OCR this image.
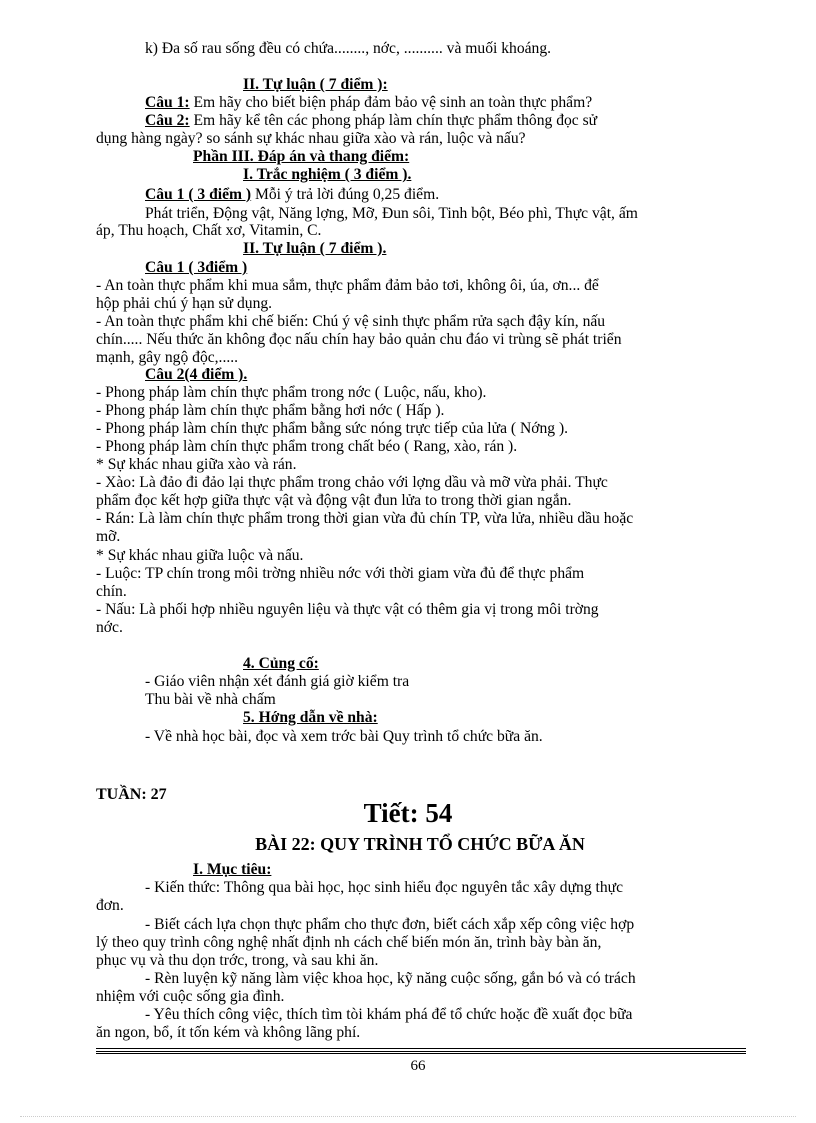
k) Đa số rau sống đều có chứa........, nớc, .......... và muối khoáng.
II. Tự luận ( 7 điểm ):
Câu 1: Em hãy cho biết biện pháp đảm bảo vệ sinh an toàn thực phẩm?
Câu 2: Em hãy kể tên các phong pháp làm chín thực phẩm thông đọc sử
dụng hàng ngày? so sánh sự khác nhau giữa xào và rán, luộc và nấu?
Phần III. Đáp án và thang điểm:
I. Trắc nghiệm ( 3 điểm ).
Câu 1 ( 3 điểm ) Mỗi ý trả lời đúng 0,25 điểm.
Phát triển, Động vật, Năng lợng, Mỡ, Đun sôi, Tinh bột, Béo phì, Thực vật, ấm
áp, Thu hoạch, Chất xơ, Vitamin, C.
II. Tự luận ( 7 điểm ).
Câu 1 ( 3điểm )
- An toàn thực phẩm khi mua sắm, thực phẩm đảm bảo tơi, không ôi, úa, ơn... để
hộp phải chú ý hạn sử dụng.
- An toàn thực phẩm khi chế biến: Chú ý vệ sinh thực phẩm rửa sạch đậy kín, nấu
chín..... Nếu thức ăn không đọc nấu chín hay bảo quản chu đáo vi trùng sẽ phát triển
mạnh, gây ngộ độc,.....
Câu 2(4 điểm ).
- Phong pháp làm chín thực phẩm trong nớc ( Luộc, nấu, kho).
- Phong pháp làm chín thực phẩm bằng hơi nớc ( Hấp ).
- Phong pháp làm chín thực phẩm bằng sức nóng trực tiếp của lửa ( Nớng ).
- Phong pháp làm chín thực phẩm trong chất béo ( Rang, xào, rán ).
* Sự khác nhau giữa xào và rán.
- Xào: Là đảo đi đảo lại thực phẩm trong chảo với lợng dầu và mỡ vừa phải. Thực
phẩm đọc kết hợp giữa thực vật và động vật đun lửa to trong thời gian ngắn.
- Rán: Là làm chín thực phẩm trong thời gian vừa đủ chín TP, vừa lửa, nhiều dầu hoặc
mỡ.
* Sự khác nhau giữa luộc và nấu.
- Luộc: TP chín trong môi trờng nhiều nớc với thời giam vừa đủ để thực phẩm
chín.
- Nấu: Là phối hợp nhiều nguyên liệu và thực vật có thêm gia vị trong môi trờng
nớc.
4. Củng cố:
- Giáo viên nhận xét đánh giá giờ kiểm tra
Thu bài về nhà chấm
5. Hớng dẫn về nhà:
- Về nhà học bài, đọc và xem trớc bài Quy trình tổ chức bữa ăn.
TUẦN: 27
Tiết: 54
BÀI 22: QUY TRÌNH TỔ CHỨC BỮA ĂN
I. Mục tiêu:
- Kiến thức: Thông qua bài học, học sinh hiểu đọc nguyên tắc xây dựng thực
đơn.
- Biết cách lựa chọn thực phẩm cho thực đơn, biết cách xắp xếp công việc hợp
lý theo quy trình công nghệ nhất định nh cách chế biến món ăn, trình bày bàn ăn,
phục vụ và thu dọn trớc, trong, và sau khi ăn.
- Rèn luyện kỹ năng làm việc khoa học, kỹ năng cuộc sống, gắn bó và có trách
nhiệm với cuộc sống gia đình.
- Yêu thích công việc, thích tìm tòi khám phá để tổ chức hoặc đề xuất đọc bữa
ăn ngon, bổ, ít tốn kém và không lãng phí.
66
